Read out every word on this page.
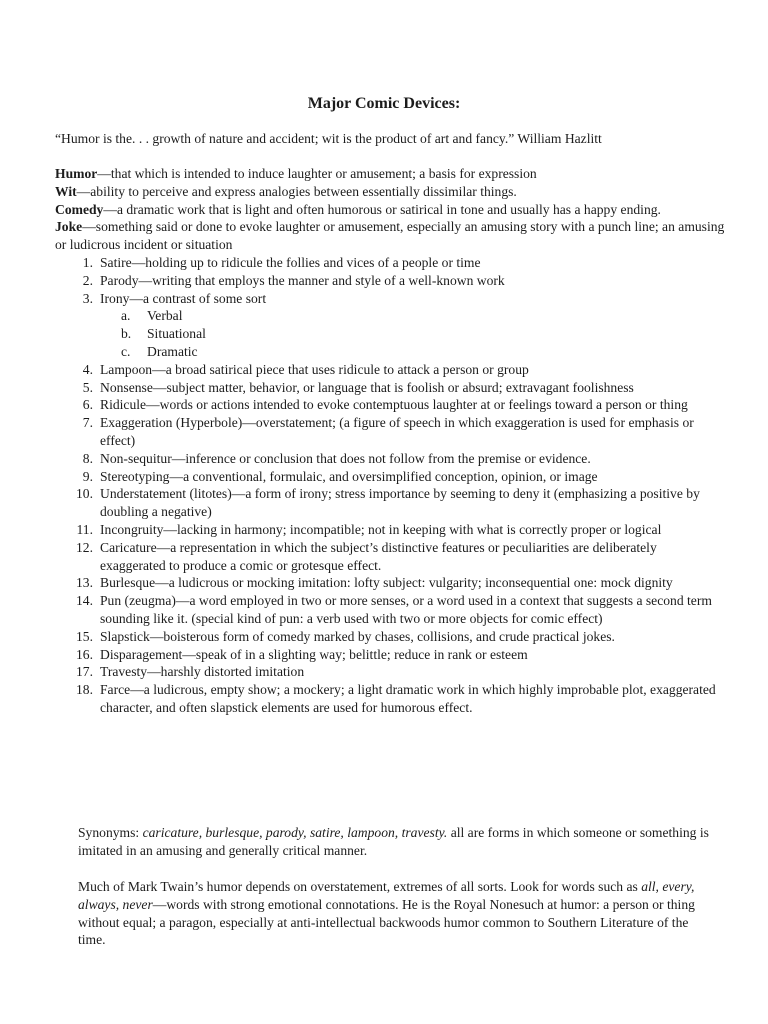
Major Comic Devices:
“Humor is the. . . growth of nature and accident; wit is the product of art and fancy.” William Hazlitt

Humor—that which is intended to induce laughter or amusement; a basis for expression

Wit—ability to perceive and express analogies between essentially dissimilar things.

Comedy—a dramatic work that is light and often humorous or satirical in tone and usually has a happy ending.

Joke—something said or done to evoke laughter or amusement, especially an amusing story with a punch line; an amusing or ludicrous incident or situation

1. Satire—holding up to ridicule the follies and vices of a people or time
2. Parody—writing that employs the manner and style of a well-known work
3. Irony—a contrast of some sort
a. Verbal
b. Situational
c. Dramatic
4. Lampoon—a broad satirical piece that uses ridicule to attack a person or group
5. Nonsense—subject matter, behavior, or language that is foolish or absurd; extravagant foolishness
6. Ridicule—words or actions intended to evoke contemptuous laughter at or feelings toward a person or thing
7. Exaggeration (Hyperbole)—overstatement; (a figure of speech in which exaggeration is used for emphasis or effect)
8. Non-sequitur—inference or conclusion that does not follow from the premise or evidence.
9. Stereotyping—a conventional, formulaic, and oversimplified conception, opinion, or image
10. Understatement (litotes)—a form of irony; stress importance by seeming to deny it (emphasizing a positive by doubling a negative)
11. Incongruity—lacking in harmony; incompatible; not in keeping with what is correctly proper or logical
12. Caricature—a representation in which the subject’s distinctive features or peculiarities are deliberately exaggerated to produce a comic or grotesque effect.
13. Burlesque—a ludicrous or mocking imitation: lofty subject: vulgarity; inconsequential one: mock dignity
14. Pun (zeugma)—a word employed in two or more senses, or a word used in a context that suggests a second term sounding like it. (special kind of pun: a verb used with two or more objects for comic effect)
15. Slapstick—boisterous form of comedy marked by chases, collisions, and crude practical jokes.
16. Disparagement—speak of in a slighting way; belittle; reduce in rank or esteem
17. Travesty—harshly distorted imitation
18. Farce—a ludicrous, empty show; a mockery; a light dramatic work in which highly improbable plot, exaggerated character, and often slapstick elements are used for humorous effect.
Synonyms: caricature, burlesque, parody, satire, lampoon, travesty. all are forms in which someone or something is imitated in an amusing and generally critical manner.
Much of Mark Twain’s humor depends on overstatement, extremes of all sorts. Look for words such as all, every, always, never—words with strong emotional connotations. He is the Royal Nonesuch at humor: a person or thing without equal; a paragon, especially at anti-intellectual backwoods humor common to Southern Literature of the time.
